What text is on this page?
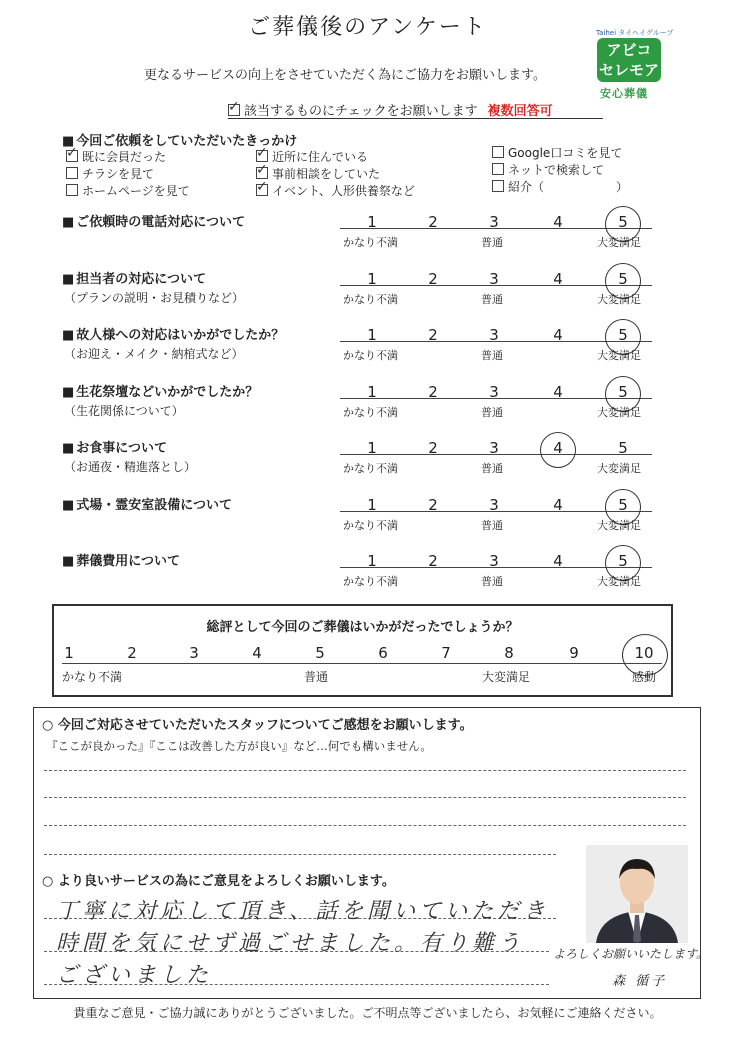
ご葬儀後のアンケート
更なるサービスの向上をさせていただく為にご協力をお願いします。
Taihei タイヘイグループ
アビコ
セレモア
安心葬儀
✓該当するものにチェックをお願いします 複数回答可
■ 今回ご依頼をしていただいたきっかけ
✓既に会員だった
チラシを見て
ホームページを見て
✓近所に住んでいる
✓事前相談をしていた
✓イベント、人形供養祭など
Google口コミを見て
ネットで検索して
紹介（　　　　　　）
■ ご依頼時の電話対応について	1	2	3	4	5
かなり不満	普通	大変満足
■ 担当者の対応について
（プランの説明・お見積りなど）
1	2	3	4	5
かなり不満	普通	大変満足
■ 故人様への対応はいかがでしたか？
（お迎え・メイク・納棺式など）
1	2	3	4	5
かなり不満	普通	大変満足
■ 生花祭壇などいかがでしたか？
（生花関係について）
1	2	3	4	5
かなり不満	普通	大変満足
■ お食事について
（お通夜・精進落とし）
1	2	3	4	5
かなり不満	普通	大変満足
■ 式場・霊安室設備について	1	2	3	4	5
かなり不満	普通	大変満足
■ 葬儀費用について	1	2	3	4	5
かなり不満	普通	大変満足
総評として今回のご葬儀はいかがだったでしょうか？
1	2	3	4	5	6	7	8	9	10
かなり不満	普通	大変満足	感動
○ 今回ご対応させていただいたスタッフについてご感想をお願いします。
『ここが良かった』『ここは改善した方が良い』など…何でも構いません。
○ より良いサービスの為にご意見をよろしくお願いします。
丁寧に対応して頂き、話を聞いていただき
時間を気にせず過ごせました。有り難う
ございました
よろしくお願いいたします。
森 循子
貴重なご意見・ご協力誠にありがとうございました。ご不明点等ございましたら、お気軽にご連絡ください。
